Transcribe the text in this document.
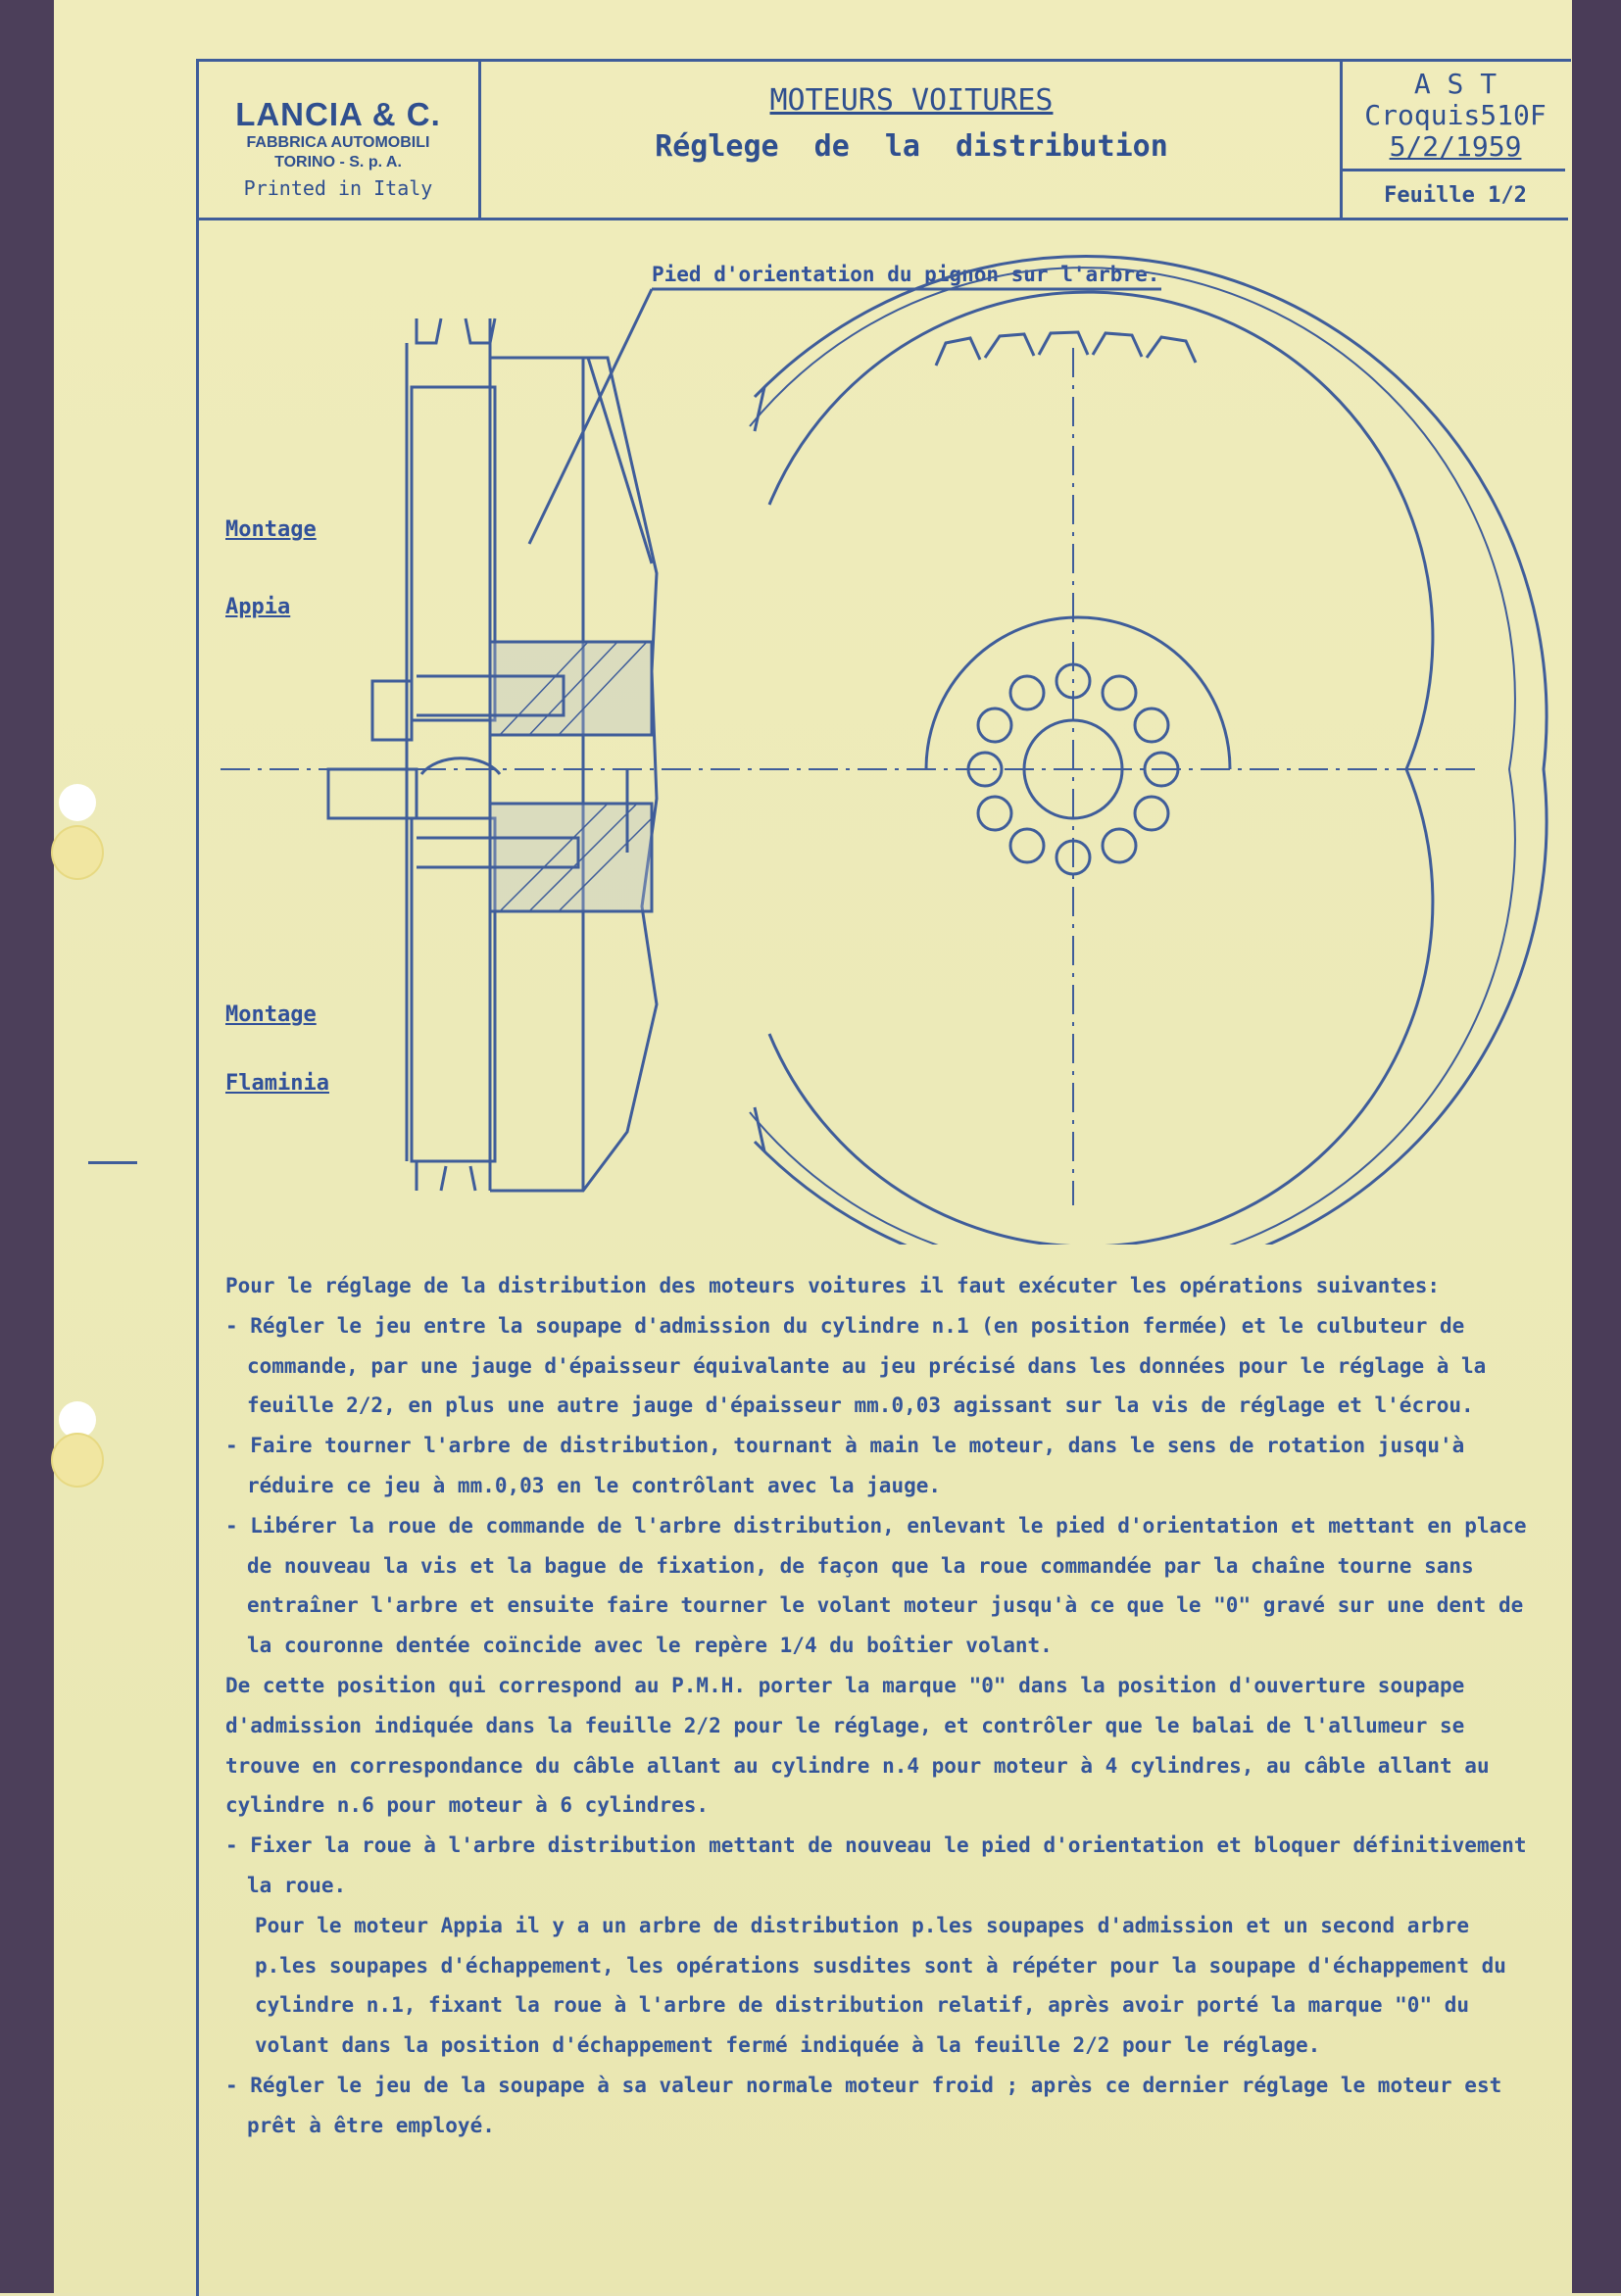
LANCIA & C.
FABBRICA AUTOMOBILI
TORINO - S. p. A.
Printed in Italy
MOTEURS VOITURES
Réglege de la distribution
A S T
Croquis510F
5/2/1959
Feuille 1/2
Pied d'orientation du pignon sur l'arbre.
Montage
Appia
Montage
Flaminia

Pour le réglage de la distribution des moteurs voitures il faut exécuter les opérations suivantes:

- Régler le jeu entre la soupape d'admission du cylindre n.1 (en position fermée) et le culbuteur de commande, par une jauge d'épaisseur équivalante au jeu précisé dans les données pour le réglage à la feuille 2/2, en plus une autre jauge d'épaisseur mm.0,03 agissant sur la vis de réglage et l'écrou.

- Faire tourner l'arbre de distribution, tournant à main le moteur, dans le sens de rotation jusqu'à réduire ce jeu à mm.0,03 en le contrôlant avec la jauge.

- Libérer la roue de commande de l'arbre distribution, enlevant le pied d'orientation et mettant en place de nouveau la vis et la bague de fixation, de façon que la roue commandée par la chaîne tourne sans entraîner l'arbre et ensuite faire tourner le volant moteur jusqu'à ce que le "0" gravé sur une dent de la couronne dentée coïncide avec le repère 1/4 du boîtier volant.

De cette position qui correspond au P.M.H. porter la marque "0" dans la position d'ouverture soupape d'admission indiquée dans la feuille 2/2 pour le réglage, et contrôler que le balai de l'allumeur se trouve en correspondance du câble allant au cylindre n.4 pour moteur à 4 cylindres, au câble allant au cylindre n.6 pour moteur à 6 cylindres.

- Fixer la roue à l'arbre distribution mettant de nouveau le pied d'orientation et bloquer définitivement la roue.

Pour le moteur Appia il y a un arbre de distribution p.les soupapes d'admission et un second arbre p.les soupapes d'échappement, les opérations susdites sont à répéter pour la soupape d'échappement du cylindre n.1, fixant la roue à l'arbre de distribution relatif, après avoir porté la marque "0" du volant dans la position d'échappement fermé indiquée à la feuille 2/2 pour le réglage.

- Régler le jeu de la soupape à sa valeur normale moteur froid ; après ce dernier réglage le moteur est prêt à être employé.
